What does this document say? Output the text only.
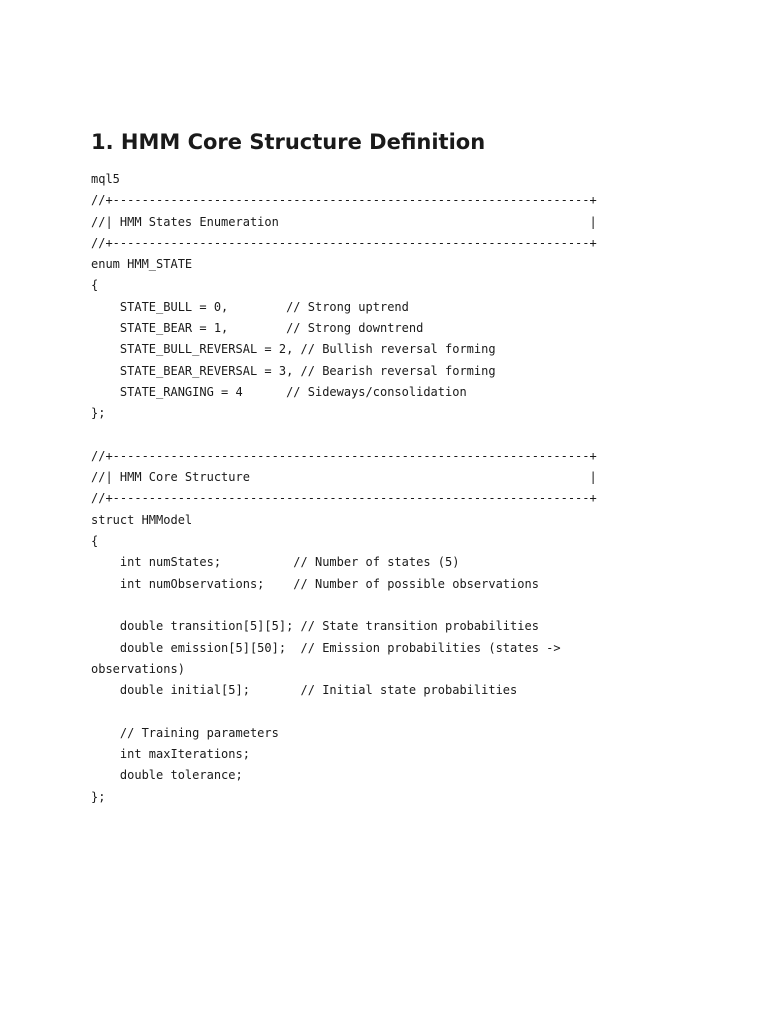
1. HMM Core Structure Definition
mql5
//+------------------------------------------------------------------+
//| HMM States Enumeration                                           |
//+------------------------------------------------------------------+
enum HMM_STATE
{
STATE_BULL = 0,        // Strong uptrend
STATE_BEAR = 1,        // Strong downtrend
STATE_BULL_REVERSAL = 2, // Bullish reversal forming
STATE_BEAR_REVERSAL = 3, // Bearish reversal forming
STATE_RANGING = 4      // Sideways/consolidation
};
//+------------------------------------------------------------------+
//| HMM Core Structure                                               |
//+------------------------------------------------------------------+
struct HMModel
{
int numStates;          // Number of states (5)
int numObservations;    // Number of possible observations
double transition[5][5]; // State transition probabilities
double emission[5][50];  // Emission probabilities (states ->
observations)
double initial[5];       // Initial state probabilities
// Training parameters
int maxIterations;
double tolerance;
};
